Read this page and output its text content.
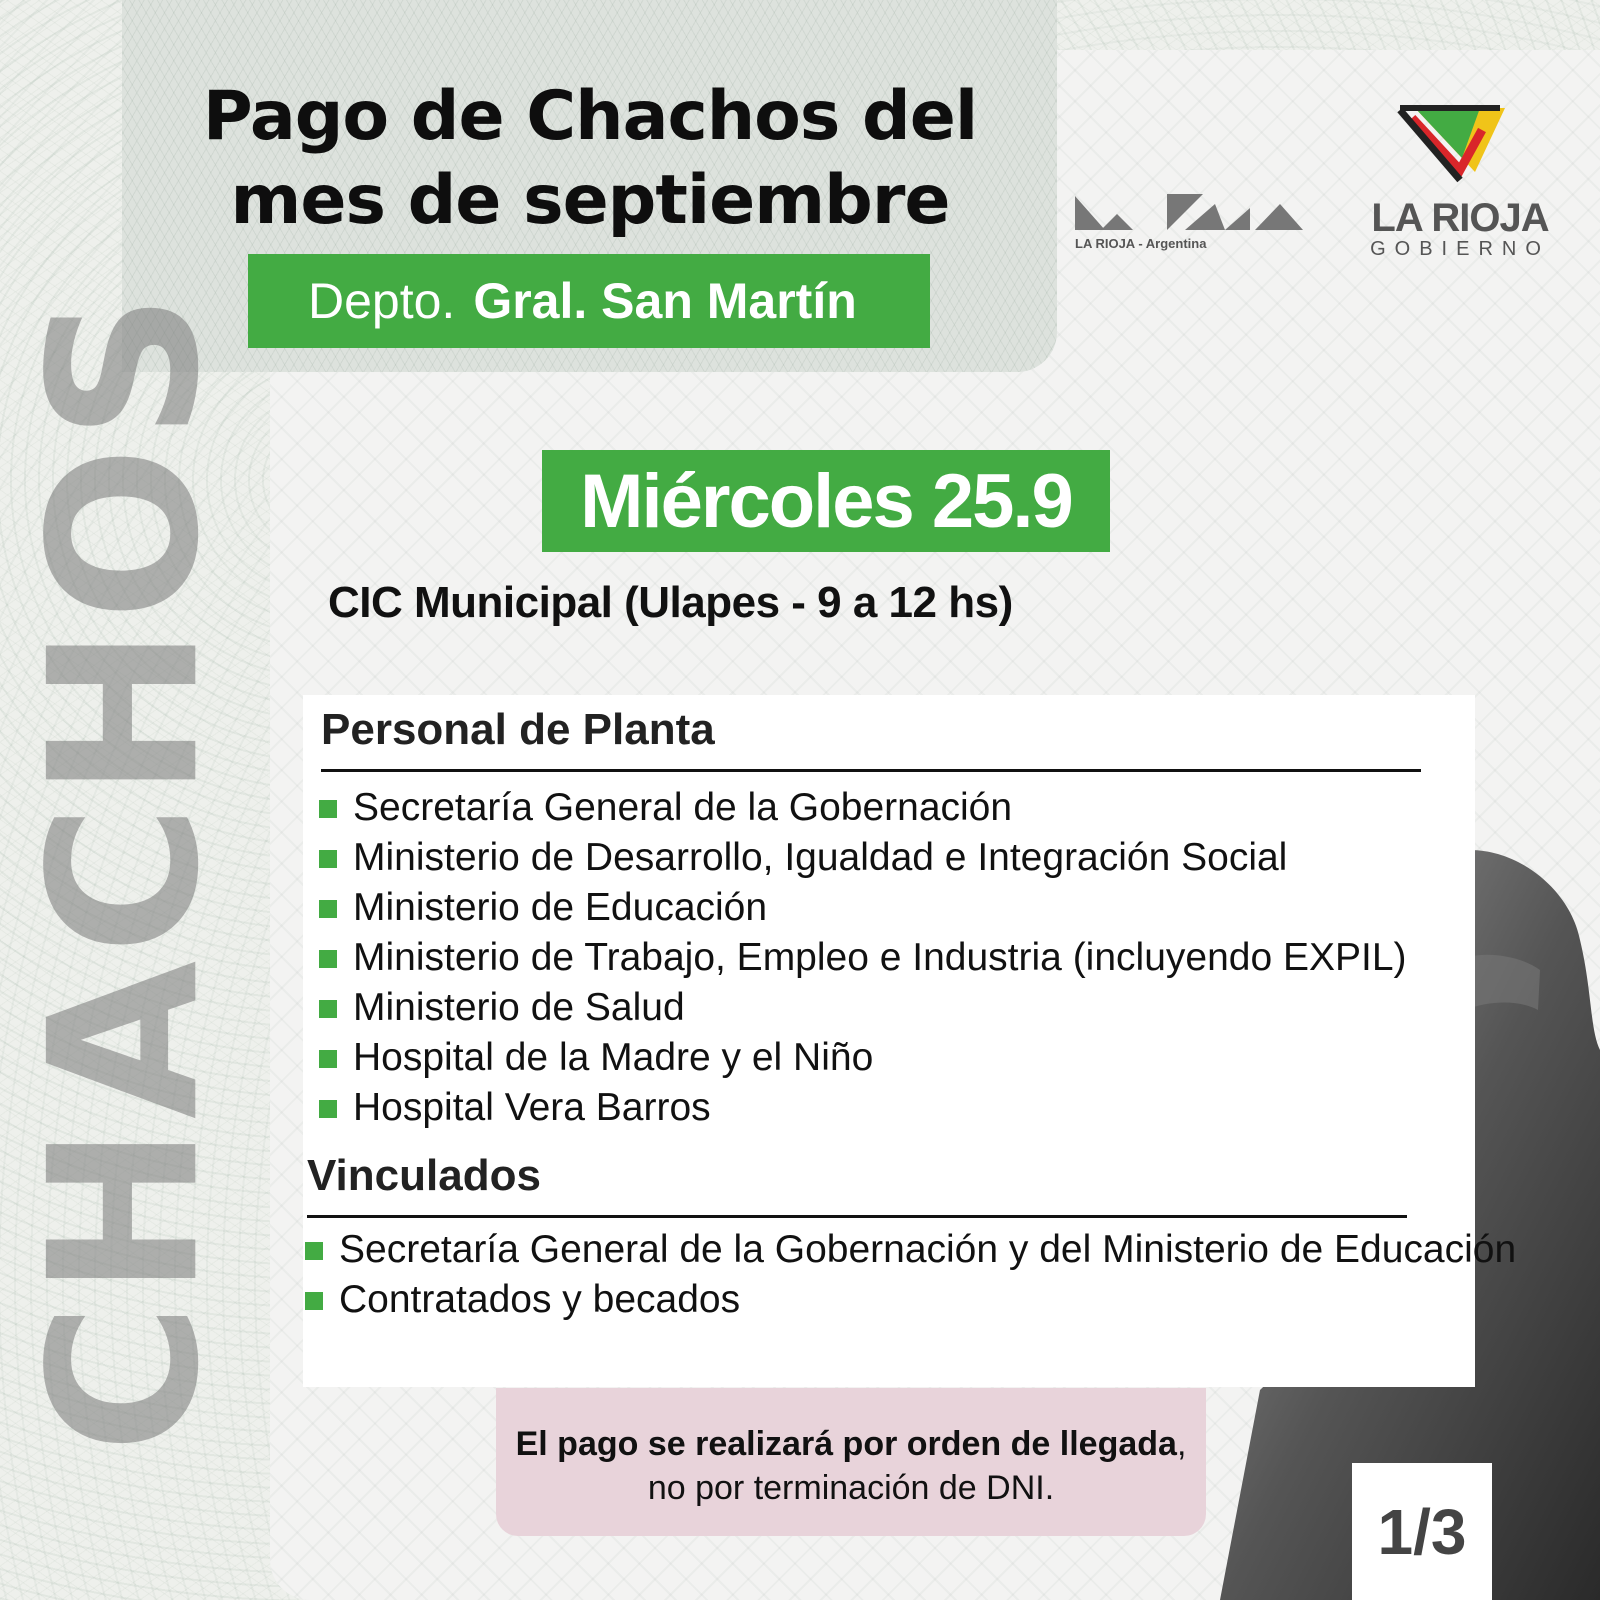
CHACHOS
Pago de Chachos del
mes de septiembre
Depto. Gral. San Martín
LA RIOJA - Argentina
LA RIOJA
GOBIERNO
Miércoles 25.9
CIC Municipal (Ulapes - 9 a 12 hs)
Personal de Planta
Secretaría General de la Gobernación
Ministerio de Desarrollo, Igualdad e Integración Social
Ministerio de Educación
Ministerio de Trabajo, Empleo e Industria (incluyendo EXPIL)
Ministerio de Salud
Hospital de la Madre y el Niño
Hospital Vera Barros
Vinculados
Secretaría General de la Gobernación y del Ministerio de Educación
Contratados y becados
El pago se realizará por orden de llegada,
no por terminación de DNI.
1/3
